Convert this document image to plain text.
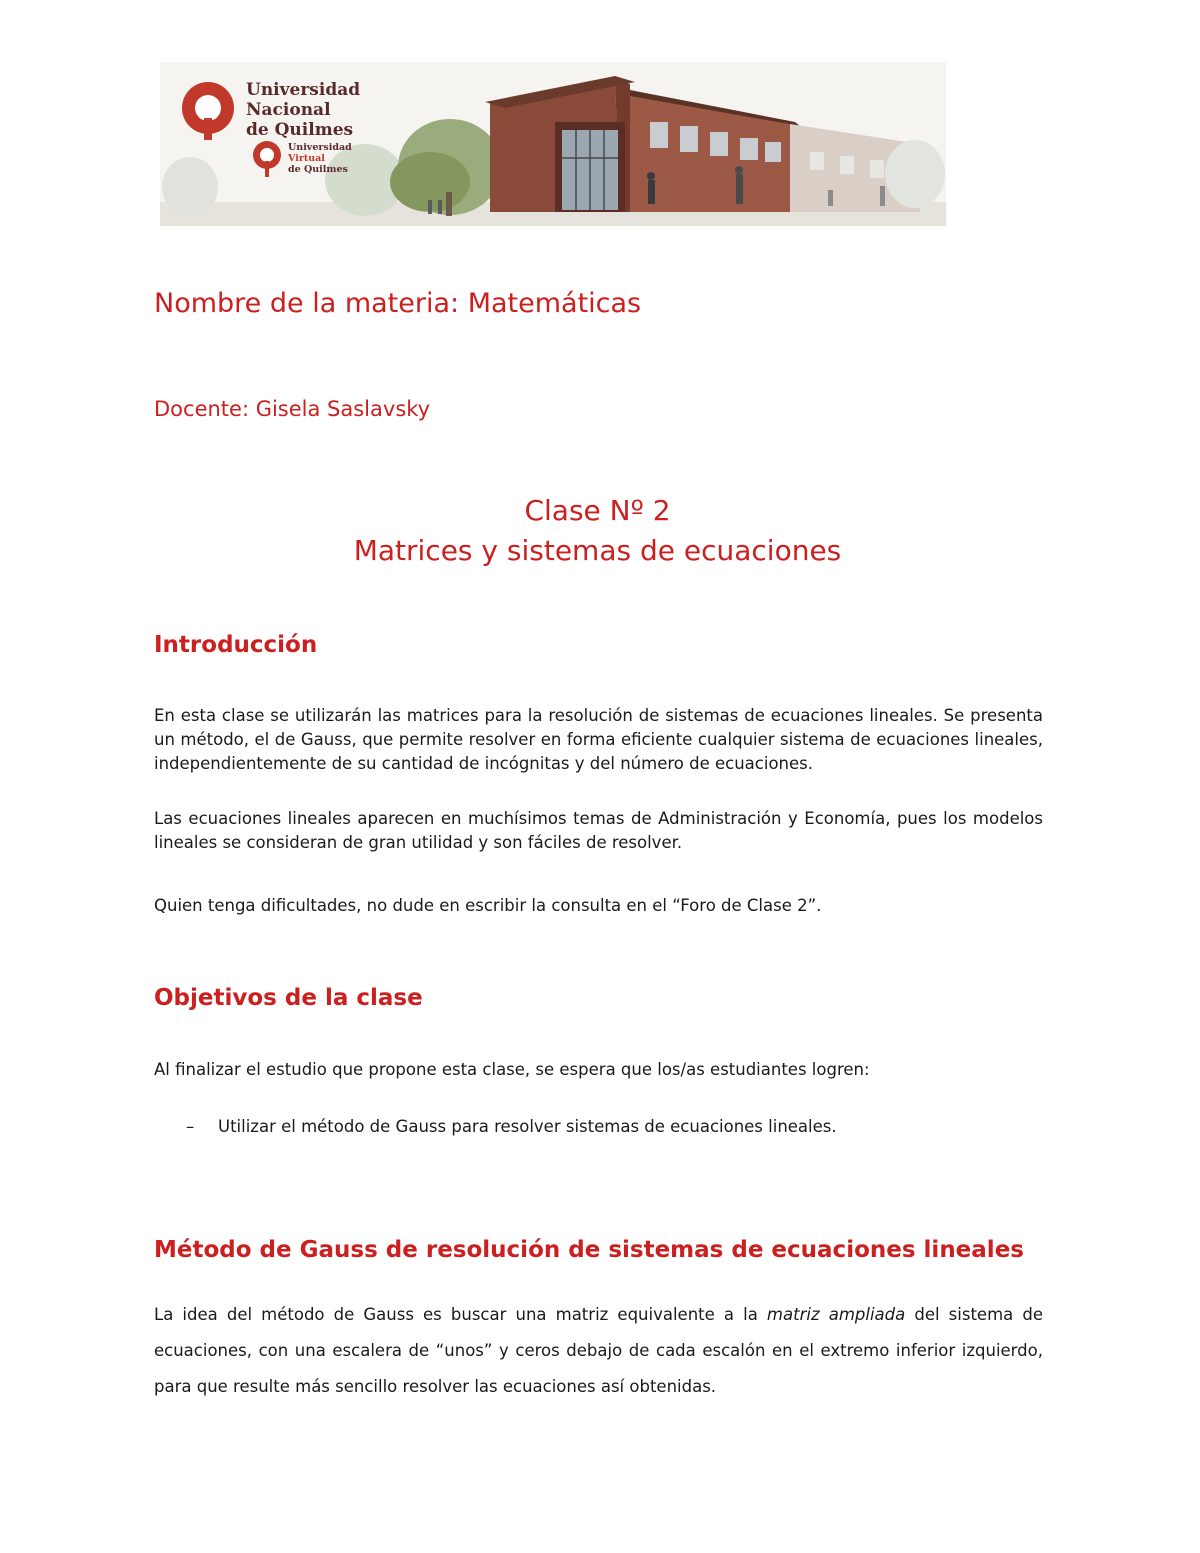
Universidad
Nacional
de Quilmes
Universidad
Virtual
de Quilmes
Nombre de la materia: Matemáticas

Docente: Gisela Saslavsky

Clase Nº 2
Matrices y sistemas de ecuaciones
Introducción

En esta clase se utilizarán las matrices para la resolución de sistemas de ecuaciones lineales. Se presenta un método, el de Gauss, que permite resolver en forma eficiente cualquier sistema de ecuaciones lineales, independientemente de su cantidad de incógnitas y del número de ecuaciones.

Las ecuaciones lineales aparecen en muchísimos temas de Administración y Economía, pues los modelos lineales se consideran de gran utilidad y son fáciles de resolver.

Quien tenga dificultades, no dude en escribir la consulta en el “Foro de Clase 2”.

Objetivos de la clase

Al finalizar el estudio que propone esta clase, se espera que los/as estudiantes logren:

– Utilizar el método de Gauss para resolver sistemas de ecuaciones lineales.

Método de Gauss de resolución de sistemas de ecuaciones lineales

La idea del método de Gauss es buscar una matriz equivalente a la matriz ampliada del sistema de ecuaciones, con una escalera de “unos” y ceros debajo de cada escalón en el extremo inferior izquierdo, para que resulte más sencillo resolver las ecuaciones así obtenidas.
